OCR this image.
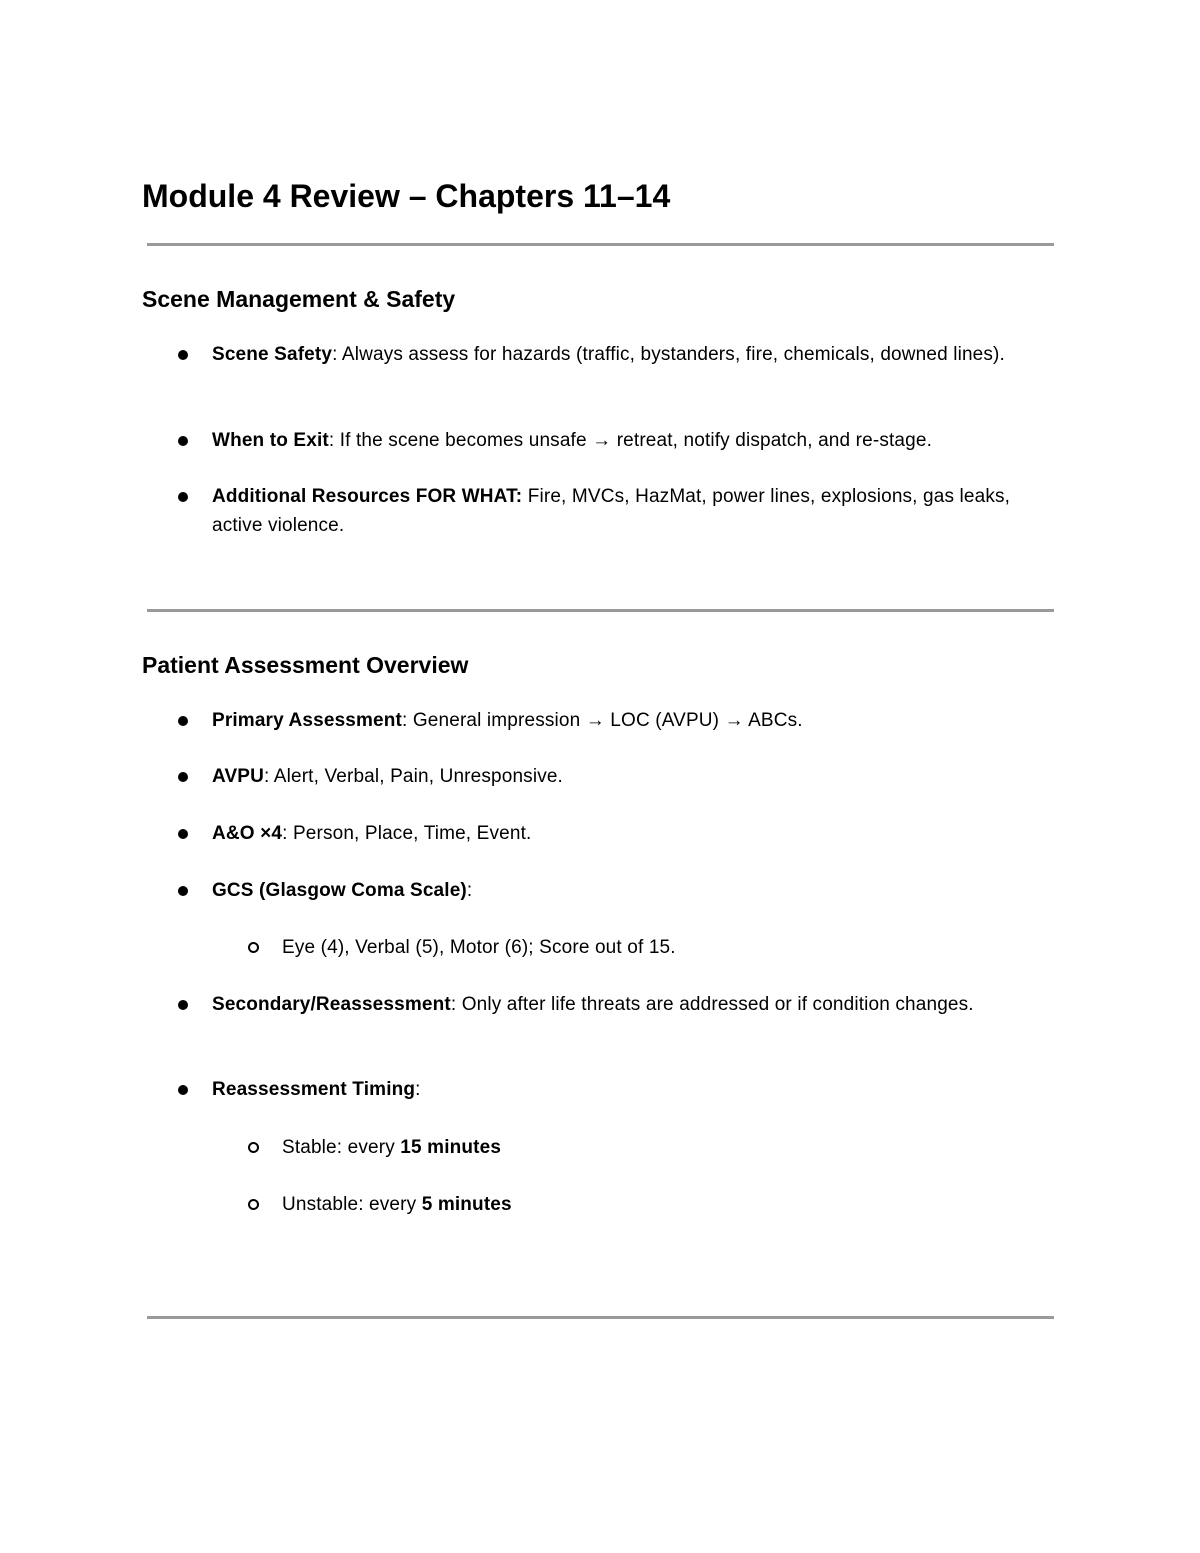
Module 4 Review – Chapters 11–14
Scene Management & Safety
Scene Safety: Always assess for hazards (traffic, bystanders, fire, chemicals, downed lines).
When to Exit: If the scene becomes unsafe → retreat, notify dispatch, and re-stage.
Additional Resources FOR WHAT: Fire, MVCs, HazMat, power lines, explosions, gas leaks, active violence.
Patient Assessment Overview
Primary Assessment: General impression → LOC (AVPU) → ABCs.
AVPU: Alert, Verbal, Pain, Unresponsive.
A&O ×4: Person, Place, Time, Event.
GCS (Glasgow Coma Scale):
Eye (4), Verbal (5), Motor (6); Score out of 15.
Secondary/Reassessment: Only after life threats are addressed or if condition changes.
Reassessment Timing:
Stable: every 15 minutes
Unstable: every 5 minutes
